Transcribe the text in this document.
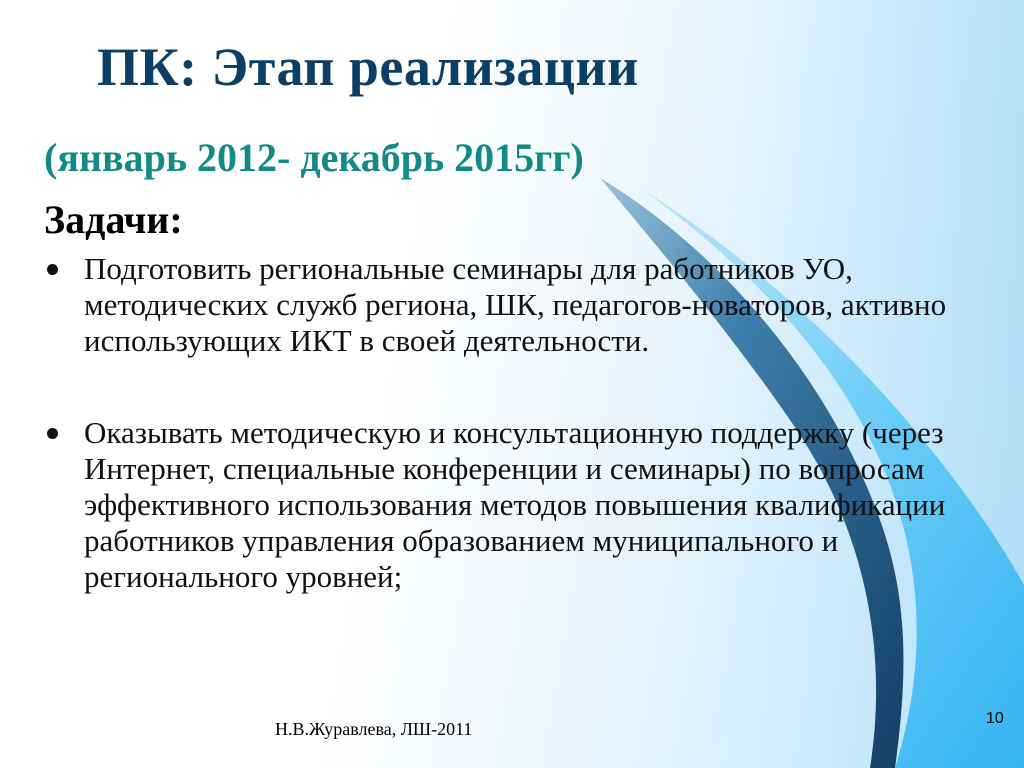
ПК: Этап реализации
(январь 2012- декабрь 2015гг)
Задачи:
Подготовить региональные семинары для работников УО, методических служб региона, ШК, педагогов-новаторов, активно использующих ИКТ в своей деятельности.
Оказывать методическую и консультационную поддержку (через Интернет, специальные конференции и семинары) по вопросам эффективного использования методов повышения квалификации работников управления образованием муниципального и регионального уровней;
Н.В.Журавлева, ЛШ-2011
10
